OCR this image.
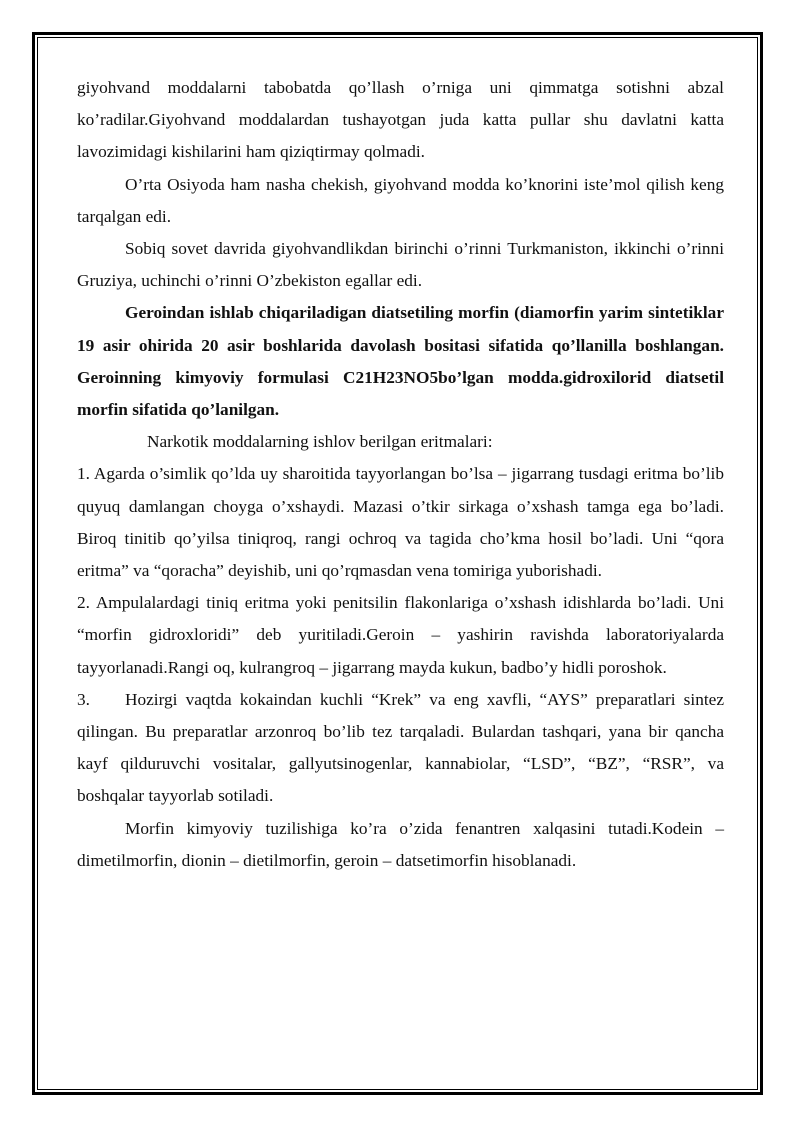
giyohvand moddalarni tabobatda qo’llash o’rniga uni qimmatga sotishni abzal ko’radilar.Giyohvand moddalardan tushayotgan juda katta pullar shu davlatni katta lavozimidagi kishilarini ham qiziqtirmay qolmadi.

O’rta Osiyoda ham nasha chekish, giyohvand modda ko’knorini iste’mol qilish keng tarqalgan edi.

Sobiq sovet davrida giyohvandlikdan birinchi o’rinni Turkmaniston, ikkinchi o’rinni Gruziya, uchinchi o’rinni O’zbekiston egallar edi.

Geroindan ishlab chiqariladigan diatsetiling morfin (diamorfin yarim sintetiklar 19 asir ohirida 20 asir boshlarida davolash bositasi sifatida qo’llanilla boshlangan. Geroinning kimyoviy formulasi C21H23NO5bo’lgan modda.gidroxilorid diatsetil morfin sifatida qo’lanilgan.

Narkotik moddalarning ishlov berilgan eritmalari:

1. Agarda o’simlik qo’lda uy sharoitida tayyorlangan bo’lsa – jigarrang tusdagi eritma bo’lib quyuq damlangan choyga o’xshaydi. Mazasi o’tkir sirkaga o’xshash tamga ega bo’ladi. Biroq tinitib qo’yilsa tiniqroq, rangi ochroq va tagida cho’kma hosil bo’ladi. Uni “qora eritma” va “qoracha” deyishib, uni qo’rqmasdan vena tomiriga yuborishadi.

2. Ampulalardagi tiniq eritma yoki penitsilin flakonlariga o’xshash idishlarda bo’ladi. Uni “morfin gidroxloridi” deb yuritiladi.Geroin – yashirin ravishda laboratoriyalarda tayyorlanadi.Rangi oq, kulrangroq – jigarrang mayda kukun, badbo’y hidli poroshok.

3. Hozirgi vaqtda kokaindan kuchli “Krek” va eng xavfli, “AYS” preparatlari sintez qilingan. Bu preparatlar arzonroq bo’lib tez tarqaladi. Bulardan tashqari, yana bir qancha kayf qilduruvchi vositalar, gallyutsinogenlar, kannabiolar, “LSD”, “BZ”, “RSR”, va boshqalar tayyorlab sotiladi.

Morfin kimyoviy tuzilishiga ko’ra o’zida fenantren xalqasini tutadi.Kodein – dimetilmorfin, dionin – dietilmorfin, geroin – datsetimorfin hisoblanadi.
